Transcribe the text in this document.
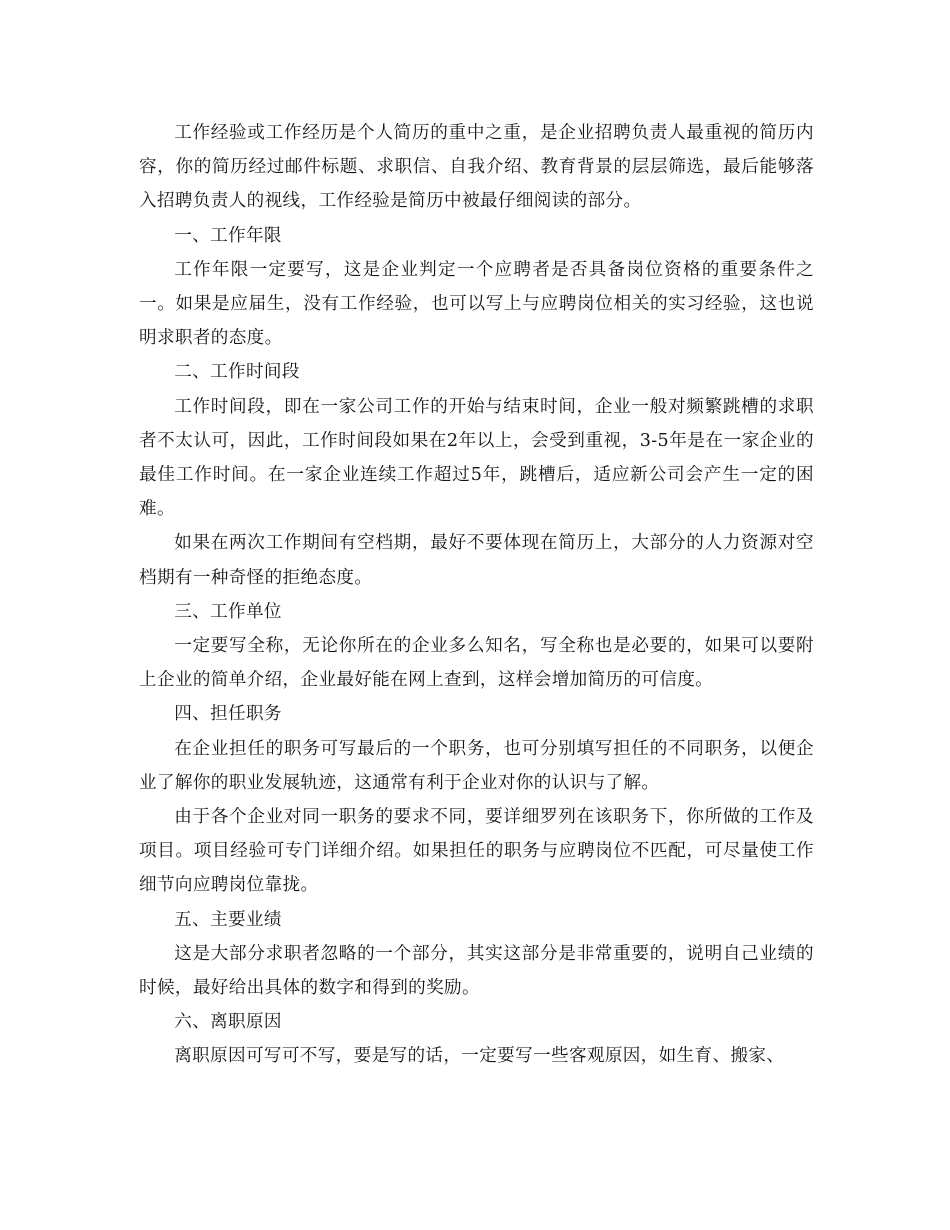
工作经验或工作经历是个人简历的重中之重，是企业招聘负责人最重视的简历内容，你的简历经过邮件标题、求职信、自我介绍、教育背景的层层筛选，最后能够落入招聘负责人的视线，工作经验是简历中被最仔细阅读的部分。

一、工作年限

工作年限一定要写，这是企业判定一个应聘者是否具备岗位资格的重要条件之一。如果是应届生，没有工作经验，也可以写上与应聘岗位相关的实习经验，这也说明求职者的态度。

二、工作时间段

工作时间段，即在一家公司工作的开始与结束时间，企业一般对频繁跳槽的求职者不太认可，因此，工作时间段如果在2年以上，会受到重视，3-5年是在一家企业的最佳工作时间。在一家企业连续工作超过5年，跳槽后，适应新公司会产生一定的困难。

如果在两次工作期间有空档期，最好不要体现在简历上，大部分的人力资源对空档期有一种奇怪的拒绝态度。

三、工作单位

一定要写全称，无论你所在的企业多么知名，写全称也是必要的，如果可以要附上企业的简单介绍，企业最好能在网上查到，这样会增加简历的可信度。

四、担任职务

在企业担任的职务可写最后的一个职务，也可分别填写担任的不同职务，以便企业了解你的职业发展轨迹，这通常有利于企业对你的认识与了解。

由于各个企业对同一职务的要求不同，要详细罗列在该职务下，你所做的工作及项目。项目经验可专门详细介绍。如果担任的职务与应聘岗位不匹配，可尽量使工作细节向应聘岗位靠拢。

五、主要业绩

这是大部分求职者忽略的一个部分，其实这部分是非常重要的，说明自己业绩的时候，最好给出具体的数字和得到的奖励。

六、离职原因

离职原因可写可不写，要是写的话，一定要写一些客观原因，如生育、搬家、
